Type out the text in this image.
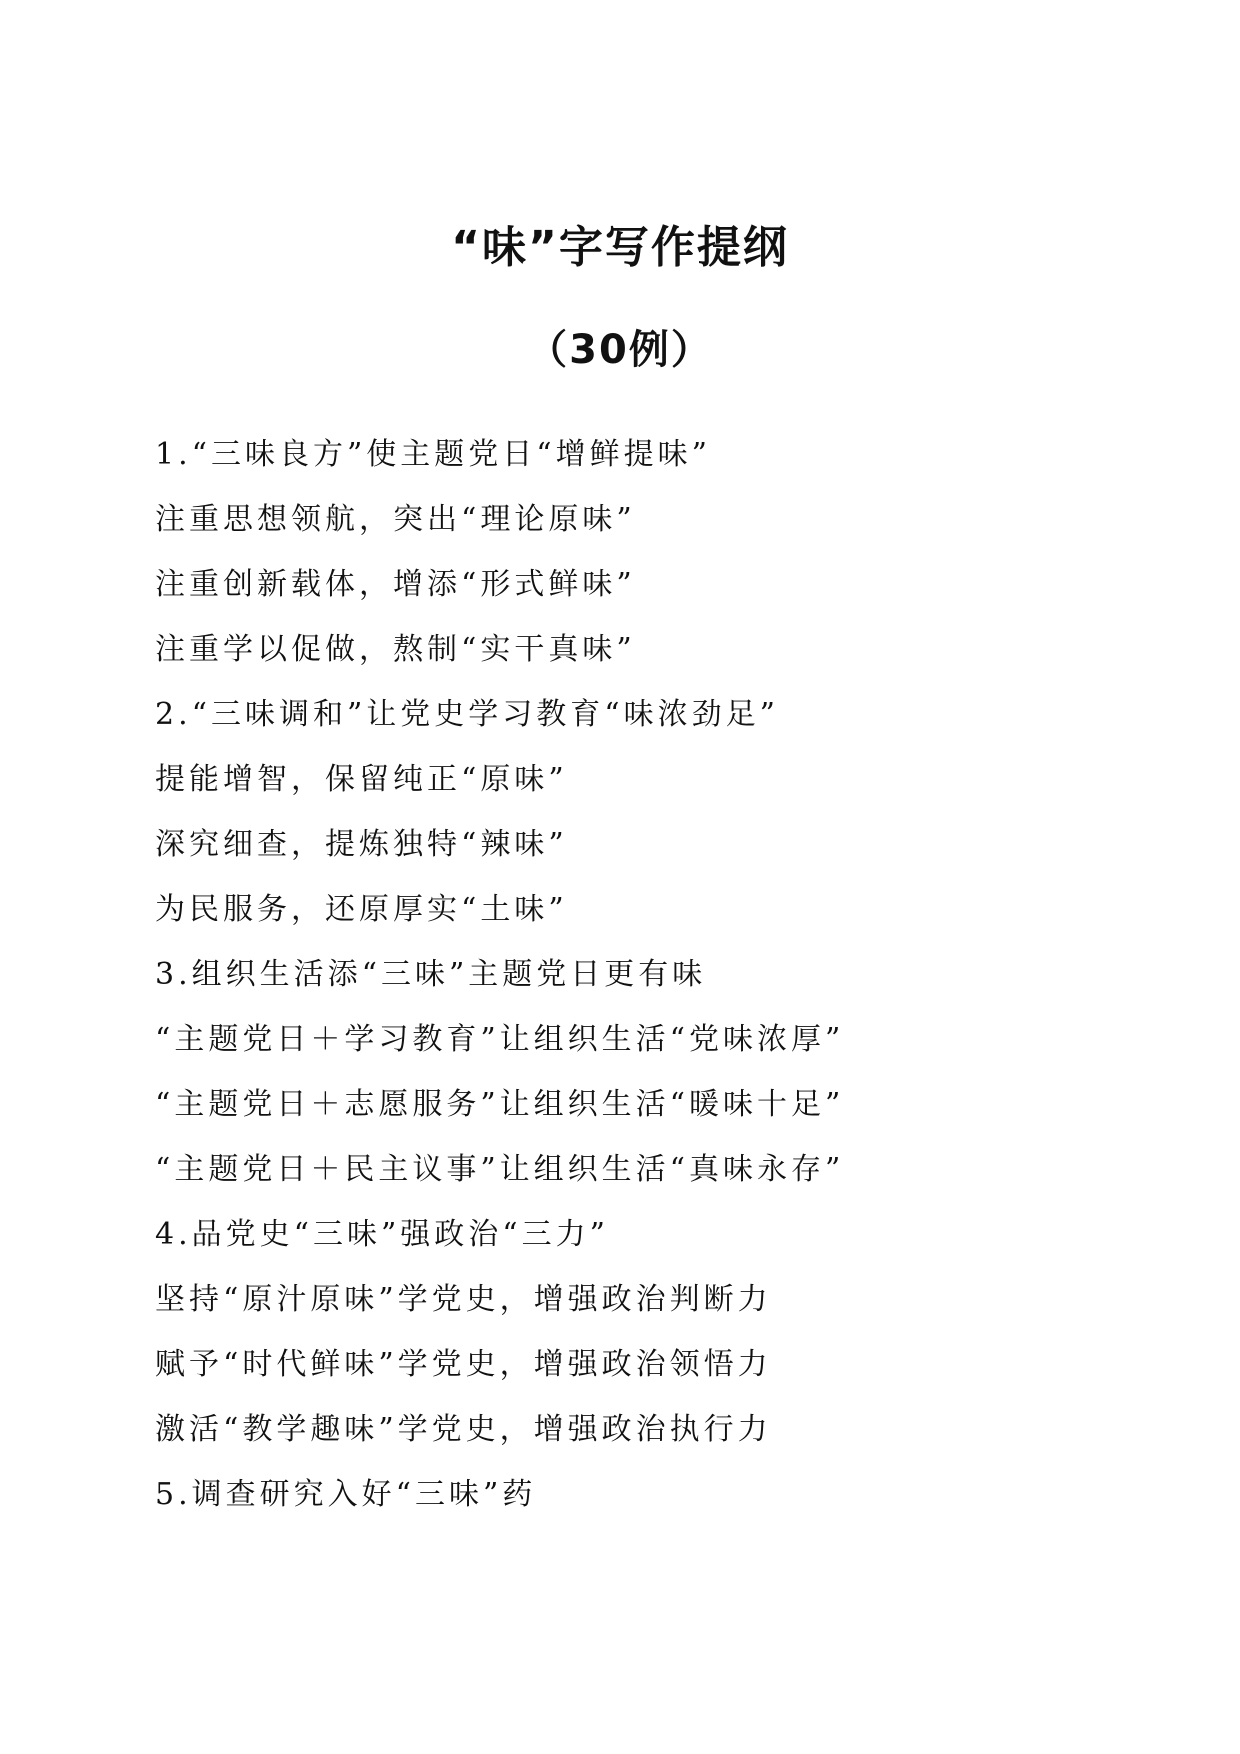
“味”字写作提纲
（30例）
1.“三味良方”使主题党日“增鲜提味”
注重思想领航，突出“理论原味”
注重创新载体，增添“形式鲜味”
注重学以促做，熬制“实干真味”
2.“三味调和”让党史学习教育“味浓劲足”
提能增智，保留纯正“原味”
深究细查，提炼独特“辣味”
为民服务，还原厚实“土味”
3.组织生活添“三味”主题党日更有味
“主题党日＋学习教育”让组织生活“党味浓厚”
“主题党日＋志愿服务”让组织生活“暖味十足”
“主题党日＋民主议事”让组织生活“真味永存”
4.品党史“三味”强政治“三力”
坚持“原汁原味”学党史，增强政治判断力
赋予“时代鲜味”学党史，增强政治领悟力
激活“教学趣味”学党史，增强政治执行力
5.调查研究入好“三味”药
